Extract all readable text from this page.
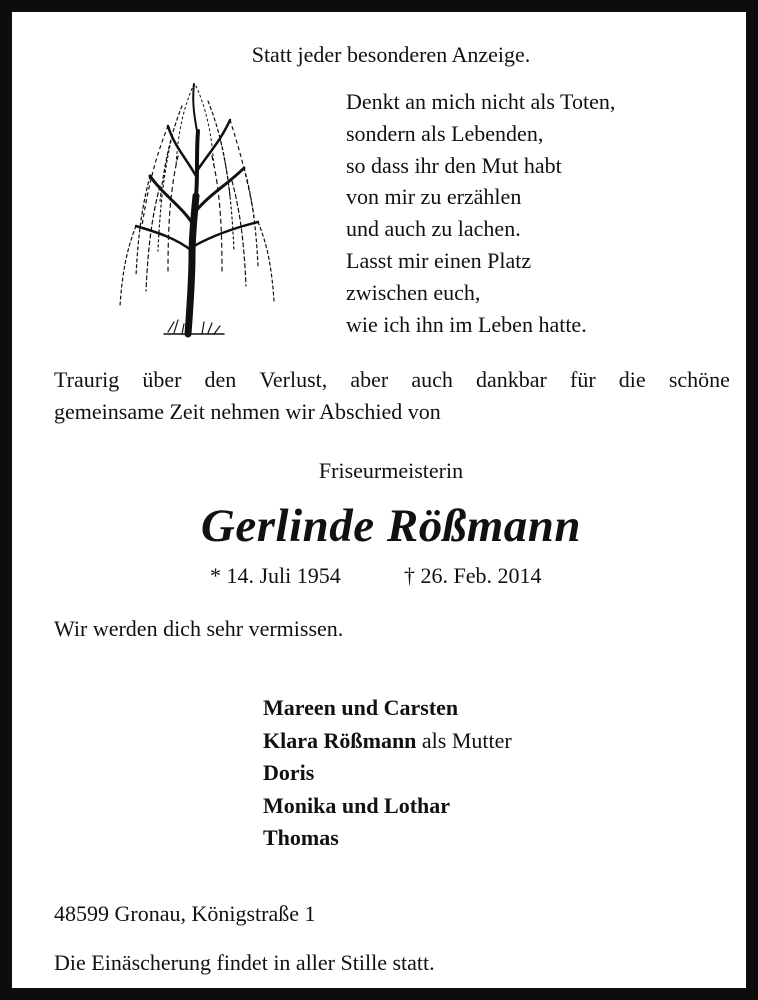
Statt jeder besonderen Anzeige.
Denkt an mich nicht als Toten,
sondern als Lebenden,
so dass ihr den Mut habt
von mir zu erzählen
und auch zu lachen.
Lasst mir einen Platz
zwischen euch,
wie ich ihn im Leben hatte.
Traurig über den Verlust, aber auch dankbar für die schöne
gemeinsame Zeit nehmen wir Abschied von
Friseurmeisterin
Gerlinde Rößmann
* 14. Juli 1954	† 26. Feb. 2014
Wir werden dich sehr vermissen.
Mareen und Carsten
Klara Rößmann als Mutter
Doris
Monika und Lothar
Thomas
48599 Gronau, Königstraße 1
Die Einäscherung findet in aller Stille statt.
